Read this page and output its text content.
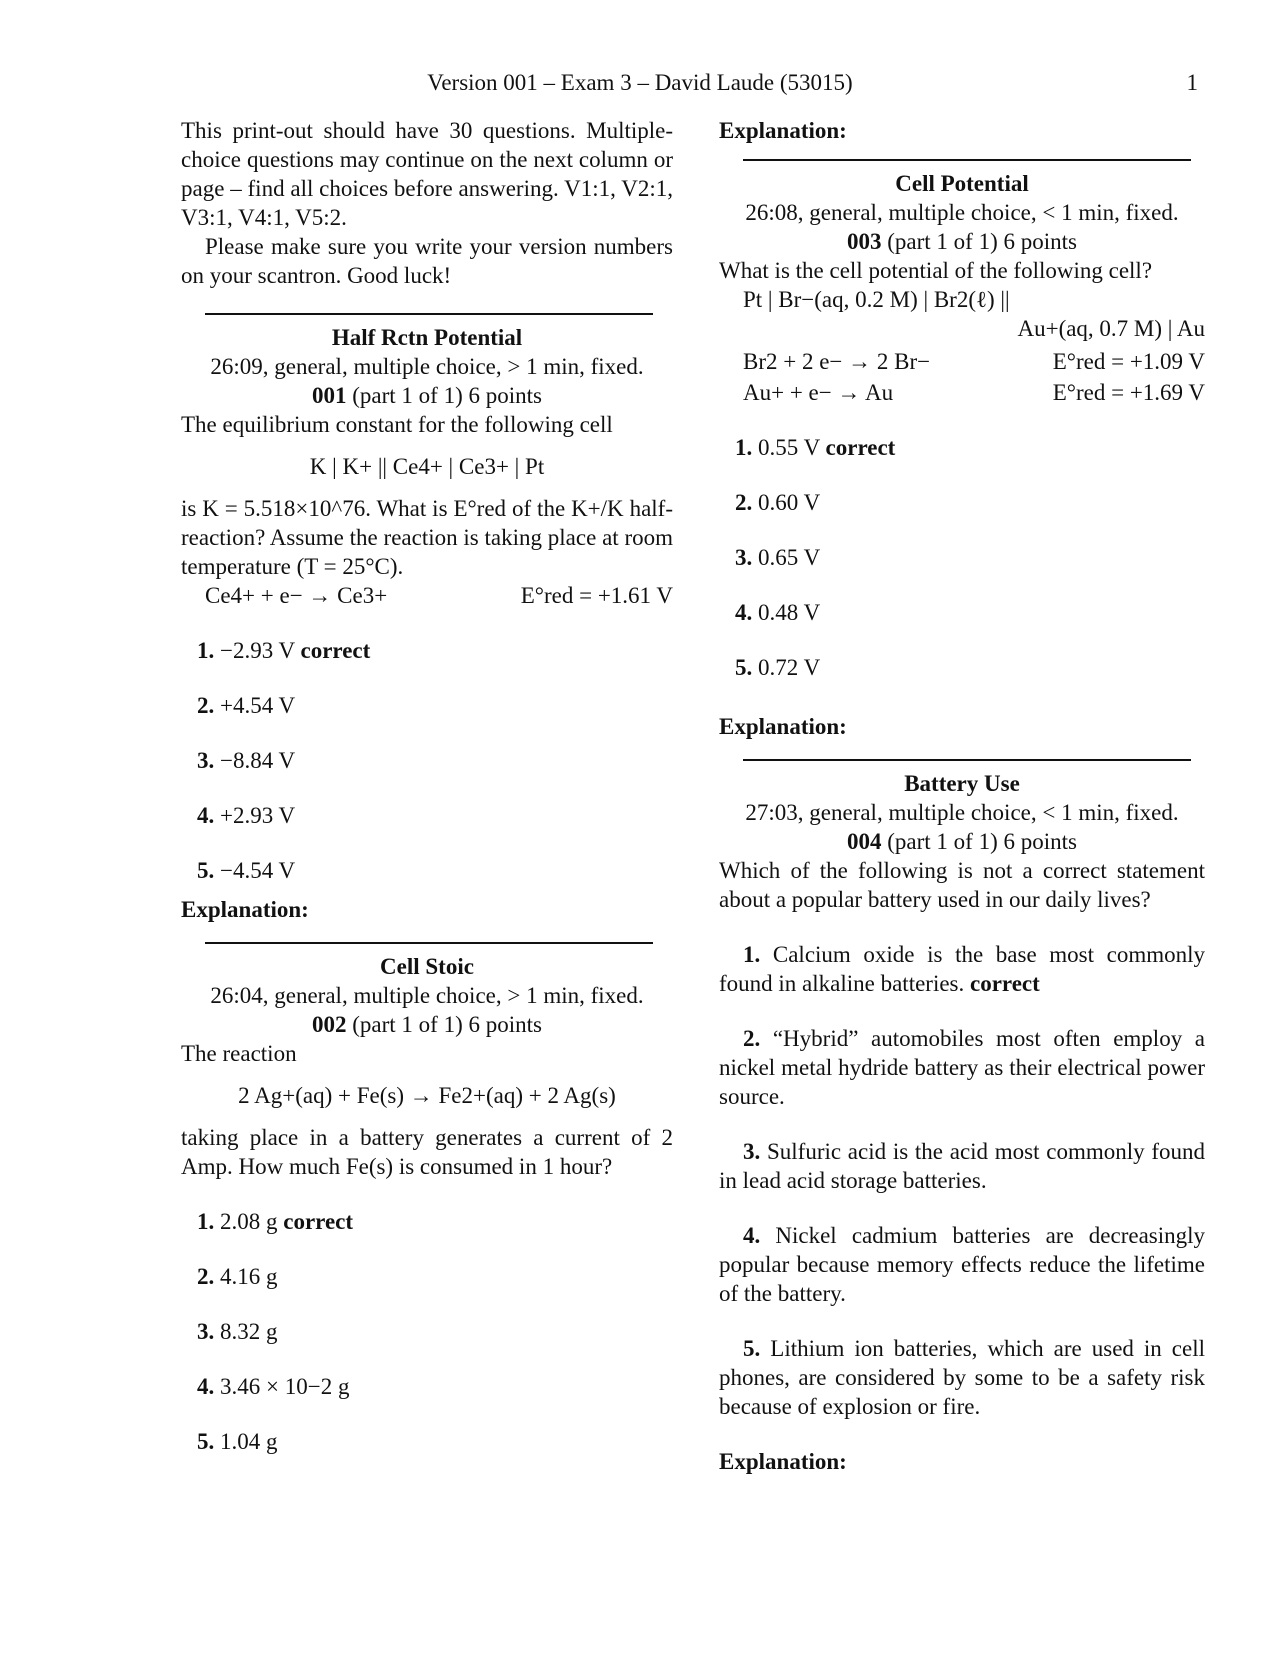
Version 001 – Exam 3 – David Laude (53015)	1

This print-out should have 30 questions. Multiple-choice questions may continue on the next column or page – find all choices before answering. V1:1, V2:1, V3:1, V4:1, V5:2.

Please make sure you write your version numbers on your scantron. Good luck!

Half Rctn Potential

26:09, general, multiple choice, > 1 min, fixed.

001 (part 1 of 1) 6 points

The equilibrium constant for the following cell

K | K+ || Ce4+ | Ce3+ | Pt

is K = 5.518×10^76. What is E°red of the K+/K half-reaction? Assume the reaction is taking place at room temperature (T = 25°C).

Ce4+ + e− → Ce3+	E°red = +1.61 V

1. −2.93 V correct

2. +4.54 V

3. −8.84 V

4. +2.93 V

5. −4.54 V

Explanation:

Cell Stoic

26:04, general, multiple choice, > 1 min, fixed.

002 (part 1 of 1) 6 points

The reaction

2 Ag+(aq) + Fe(s) → Fe2+(aq) + 2 Ag(s)

taking place in a battery generates a current of 2 Amp. How much Fe(s) is consumed in 1 hour?

1. 2.08 g correct

2. 4.16 g

3. 8.32 g

4. 3.46 × 10−2 g

5. 1.04 g

Explanation:

Cell Potential

26:08, general, multiple choice, < 1 min, fixed.

003 (part 1 of 1) 6 points

What is the cell potential of the following cell?

Pt | Br−(aq, 0.2 M) | Br2(ℓ) ||

Au+(aq, 0.7 M) | Au

Br2 + 2 e− → 2 Br−	E°red = +1.09 V
Au+ + e− → Au	E°red = +1.69 V

1. 0.55 V correct

2. 0.60 V

3. 0.65 V

4. 0.48 V

5. 0.72 V

Explanation:

Battery Use

27:03, general, multiple choice, < 1 min, fixed.

004 (part 1 of 1) 6 points

Which of the following is not a correct statement about a popular battery used in our daily lives?

1. Calcium oxide is the base most commonly found in alkaline batteries. correct

2. “Hybrid” automobiles most often employ a nickel metal hydride battery as their electrical power source.

3. Sulfuric acid is the acid most commonly found in lead acid storage batteries.

4. Nickel cadmium batteries are decreasingly popular because memory effects reduce the lifetime of the battery.

5. Lithium ion batteries, which are used in cell phones, are considered by some to be a safety risk because of explosion or fire.

Explanation:
